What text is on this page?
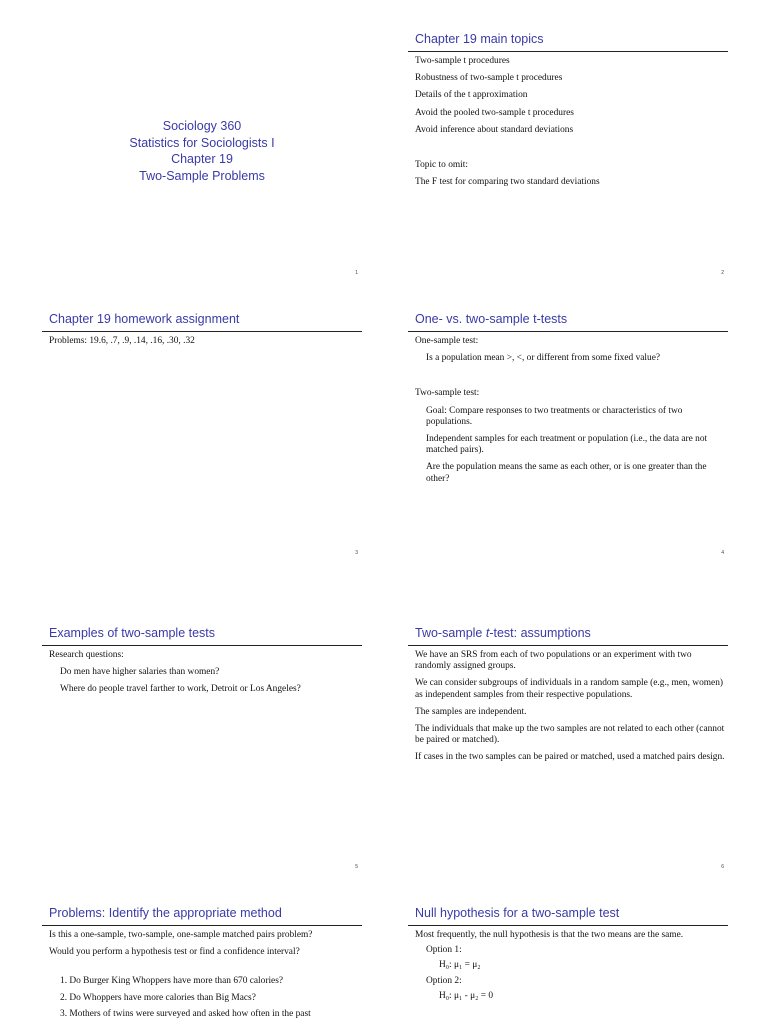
1
Sociology 360
Statistics for Sociologists I
Chapter 19
Two-Sample Problems
Chapter 19 main topics

Two-sample t procedures

Robustness of two-sample t procedures

Details of the t approximation

Avoid the pooled two-sample t procedures

Avoid inference about standard deviations

Topic to omit:

The F test for comparing two standard deviations

2
Chapter 19 homework assignment

Problems: 19.6, .7, .9, .14, .16, .30, .32

3
One- vs. two-sample t-tests

One-sample test:

Is a population mean >, <, or different from some fixed value?

Two-sample test:

Goal: Compare responses to two treatments or characteristics of two populations.

Independent samples for each treatment or population (i.e., the data are not matched pairs).

Are the population means the same as each other, or is one greater than the other?

4
Examples of two-sample tests

Research questions:

Do men have higher salaries than women?

Where do people travel farther to work, Detroit or Los Angeles?

5
Two-sample t-test: assumptions

We have an SRS from each of two populations or an experiment with two randomly assigned groups.

We can consider subgroups of individuals in a random sample (e.g., men, women) as independent samples from their respective populations.

The samples are independent.

The individuals that make up the two samples are not related to each other (cannot be paired or matched).

If cases in the two samples can be paired or matched, used a matched pairs design.

6
Problems: Identify the appropriate method

Is this a one-sample, two-sample, one-sample matched pairs problem?

Would you perform a hypothesis test or find a confidence interval?

1. Do Burger King Whoppers have more than 670 calories?

2. Do Whoppers have more calories than Big Macs?

3. Mothers of twins were surveyed and asked how often in the past

Null hypothesis for a two-sample test

Most frequently, the null hypothesis is that the two means are the same.

Option 1:

H₀: μ₁ = μ₂

Option 2:

H₀: μ₁ - μ₂ = 0
